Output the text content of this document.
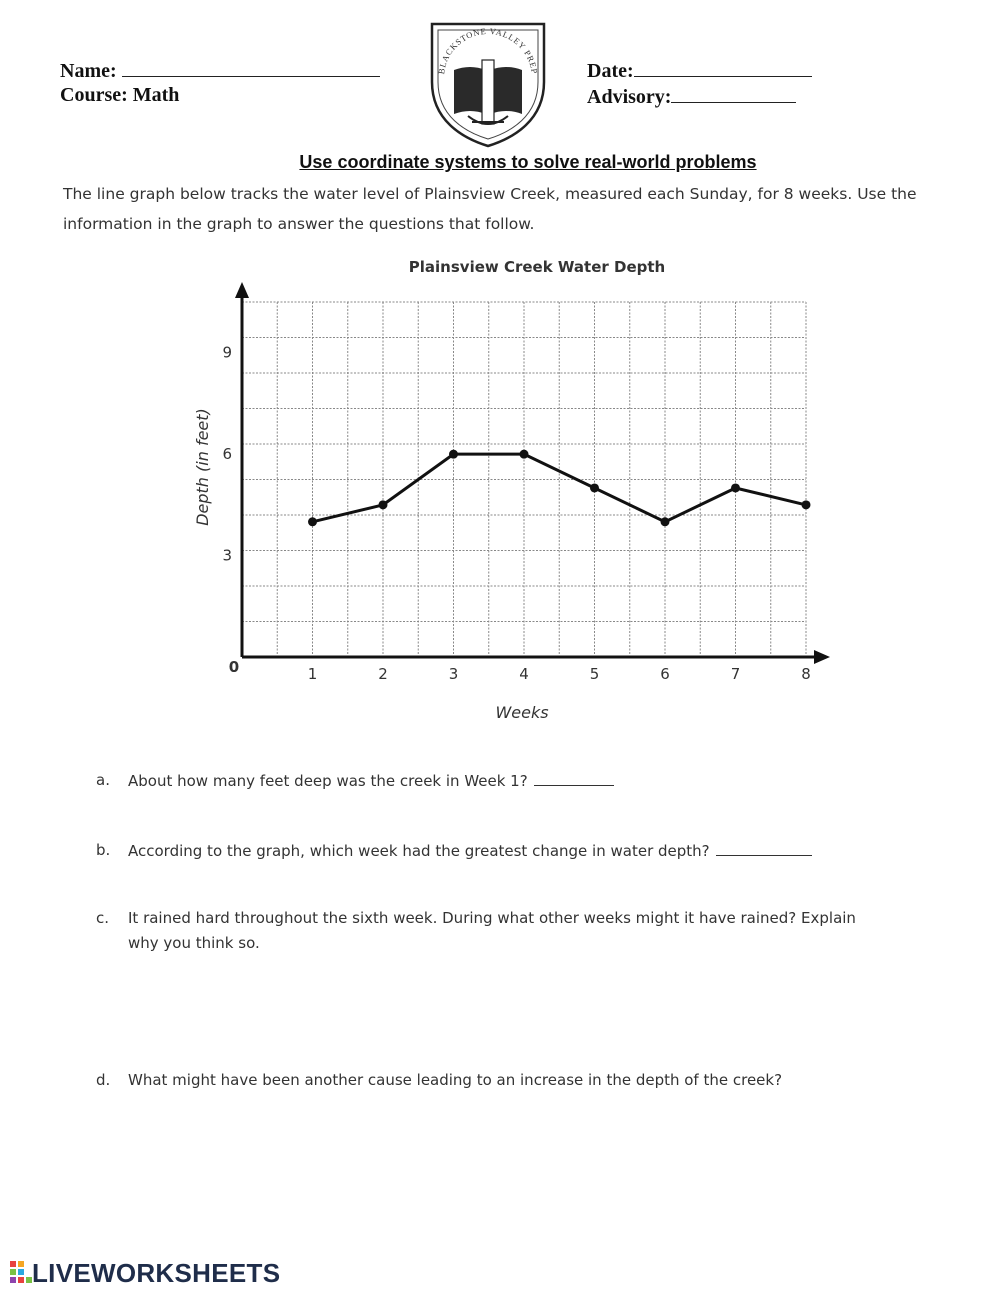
Name:
Course: Math
Date:
Advisory:
BLACKSTONE VALLEY PREP
Use coordinate systems to solve real-world problems
The line graph below tracks the water level of Plainsview Creek, measured each Sunday, for 8 weeks. Use the
information in the graph to answer the questions that follow.
Plainsview Creek Water Depth
0	1	2	3	4	5	6	7	8
3
6
9
Weeks
Depth (in feet)
a. About how many feet deep was the creek in Week 1?
b. According to the graph, which week had the greatest change in water depth?
c. It rained hard throughout the sixth week. During what other weeks might it have rained? Explain
why you think so.
d. What might have been another cause leading to an increase in the depth of the creek?
LIVEWORKSHEETS
